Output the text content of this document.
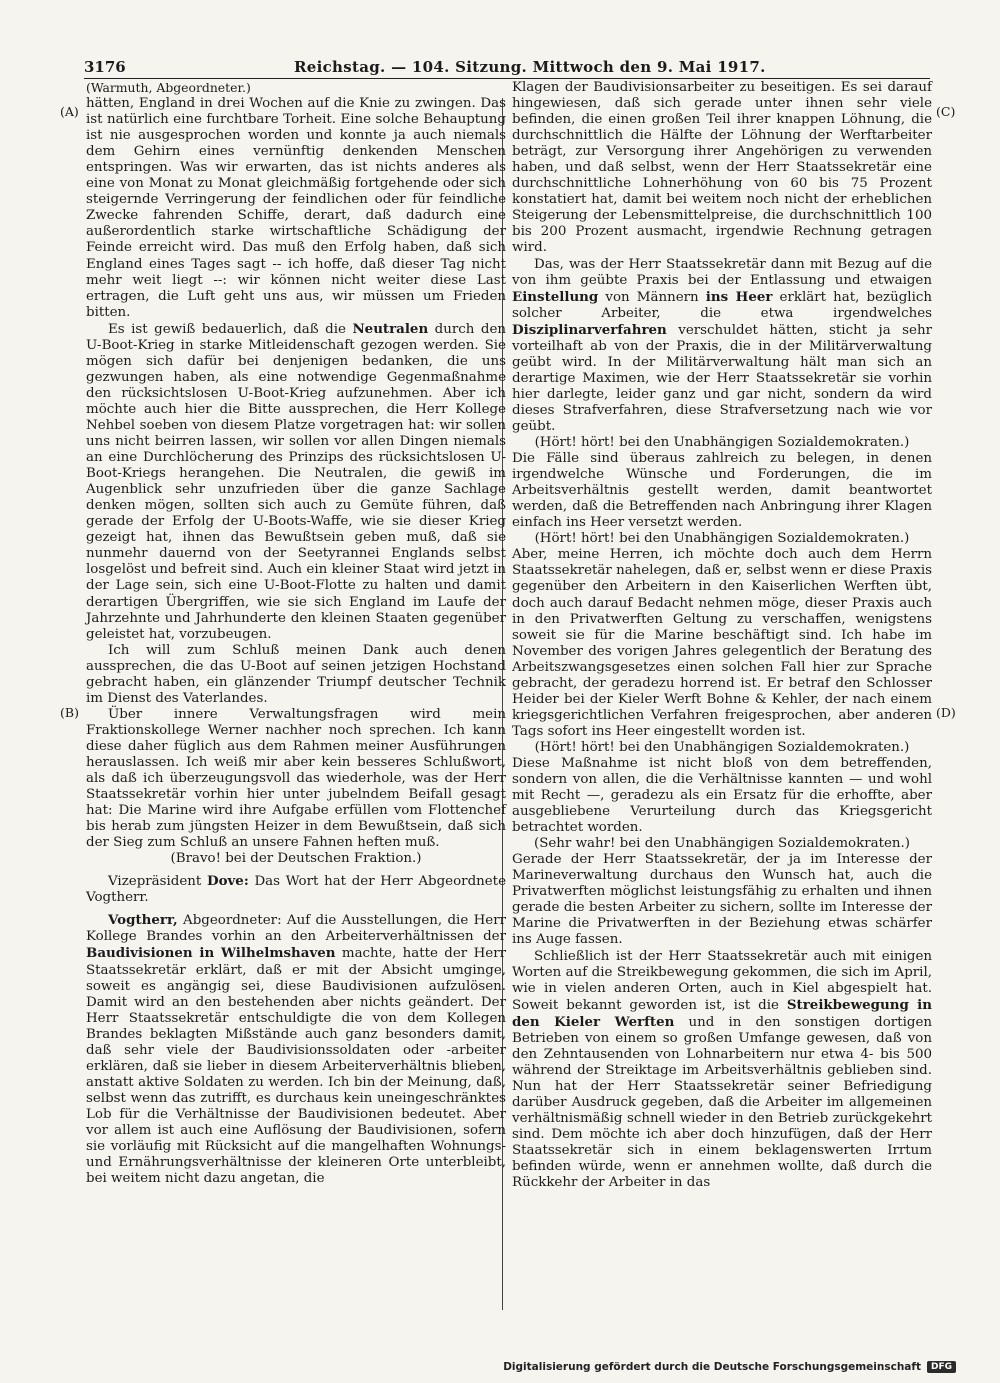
3176	Reichstag. — 104. Sitzung. Mittwoch den 9. Mai 1917.
(A)
(B)
(C)
(D)

(Warmuth, Abgeordneter.)

hätten, England in drei Wochen auf die Knie zu zwingen. Das ist natürlich eine furchtbare Torheit. Eine solche Behauptung ist nie ausgesprochen worden und konnte ja auch niemals dem Gehirn eines vernünftig denkenden Menschen entspringen. Was wir erwarten, das ist nichts anderes als eine von Monat zu Monat gleichmäßig fortgehende oder sich steigernde Verringerung der feindlichen oder für feindliche Zwecke fahrenden Schiffe, derart, daß dadurch eine außerordentlich starke wirtschaftliche Schädigung der Feinde erreicht wird. Das muß den Erfolg haben, daß sich England eines Tages sagt -- ich hoffe, daß dieser Tag nicht mehr weit liegt --: wir können nicht weiter diese Last ertragen, die Luft geht uns aus, wir müssen um Frieden bitten.

Es ist gewiß bedauerlich, daß die Neutralen durch den U-Boot-Krieg in starke Mitleidenschaft gezogen werden. Sie mögen sich dafür bei denjenigen bedanken, die uns gezwungen haben, als eine notwendige Gegenmaßnahme den rücksichtslosen U-Boot-Krieg aufzunehmen. Aber ich möchte auch hier die Bitte aussprechen, die Herr Kollege Nehbel soeben von diesem Platze vorgetragen hat: wir sollen uns nicht beirren lassen, wir sollen vor allen Dingen niemals an eine Durchlöcherung des Prinzips des rücksichtslosen U-Boot-Kriegs herangehen. Die Neutralen, die gewiß im Augenblick sehr unzufrieden über die ganze Sachlage denken mögen, sollten sich auch zu Gemüte führen, daß gerade der Erfolg der U-Boots-Waffe, wie sie dieser Krieg gezeigt hat, ihnen das Bewußtsein geben muß, daß sie nunmehr dauernd von der Seetyrannei Englands selbst losgelöst und befreit sind. Auch ein kleiner Staat wird jetzt in der Lage sein, sich eine U-Boot-Flotte zu halten und damit derartigen Übergriffen, wie sie sich England im Laufe der Jahrzehnte und Jahrhunderte den kleinen Staaten gegenüber geleistet hat, vorzubeugen.

Ich will zum Schluß meinen Dank auch denen aussprechen, die das U-Boot auf seinen jetzigen Hochstand gebracht haben, ein glänzender Triumpf deutscher Technik im Dienst des Vaterlandes.

Über innere Verwaltungsfragen wird mein Fraktionskollege Werner nachher noch sprechen. Ich kann diese daher füglich aus dem Rahmen meiner Ausführungen herauslassen. Ich weiß mir aber kein besseres Schlußwort, als daß ich überzeugungsvoll das wiederhole, was der Herr Staatssekretär vorhin hier unter jubelndem Beifall gesagt hat: Die Marine wird ihre Aufgabe erfüllen vom Flottenchef bis herab zum jüngsten Heizer in dem Bewußtsein, daß sich der Sieg zum Schluß an unsere Fahnen heften muß.

(Bravo! bei der Deutschen Fraktion.)

Vizepräsident Dove: Das Wort hat der Herr Abgeordnete Vogtherr.

Vogtherr, Abgeordneter: Auf die Ausstellungen, die Herr Kollege Brandes vorhin an den Arbeiterverhältnissen der Baudivisionen in Wilhelmshaven machte, hatte der Herr Staatssekretär erklärt, daß er mit der Absicht umginge, soweit es angängig sei, diese Baudivisionen aufzulösen. Damit wird an den bestehenden aber nichts geändert. Der Herr Staatssekretär entschuldigte die von dem Kollegen Brandes beklagten Mißstände auch ganz besonders damit, daß sehr viele der Baudivisionssoldaten oder -arbeiter erklären, daß sie lieber in diesem Arbeiterverhältnis blieben, anstatt aktive Soldaten zu werden. Ich bin der Meinung, daß, selbst wenn das zutrifft, es durchaus kein uneingeschränktes Lob für die Verhältnisse der Baudivisionen bedeutet. Aber vor allem ist auch eine Auflösung der Baudivisionen, sofern sie vorläufig mit Rücksicht auf die mangelhaften Wohnungs- und Ernährungsverhältnisse der kleineren Orte unterbleibt, bei weitem nicht dazu angetan, die

Klagen der Baudivisionsarbeiter zu beseitigen. Es sei darauf hingewiesen, daß sich gerade unter ihnen sehr viele befinden, die einen großen Teil ihrer knappen Löhnung, die durchschnittlich die Hälfte der Löhnung der Werftarbeiter beträgt, zur Versorgung ihrer Angehörigen zu verwenden haben, und daß selbst, wenn der Herr Staatssekretär eine durchschnittliche Lohnerhöhung von 60 bis 75 Prozent konstatiert hat, damit bei weitem noch nicht der erheblichen Steigerung der Lebensmittelpreise, die durchschnittlich 100 bis 200 Prozent ausmacht, irgendwie Rechnung getragen wird.

Das, was der Herr Staatssekretär dann mit Bezug auf die von ihm geübte Praxis bei der Entlassung und etwaigen Einstellung von Männern ins Heer erklärt hat, bezüglich solcher Arbeiter, die etwa irgendwelches Disziplinarverfahren verschuldet hätten, sticht ja sehr vorteilhaft ab von der Praxis, die in der Militärverwaltung geübt wird. In der Militärverwaltung hält man sich an derartige Maximen, wie der Herr Staatssekretär sie vorhin hier darlegte, leider ganz und gar nicht, sondern da wird dieses Strafverfahren, diese Strafversetzung nach wie vor geübt.

(Hört! hört! bei den Unabhängigen Sozialdemokraten.)

Die Fälle sind überaus zahlreich zu belegen, in denen irgendwelche Wünsche und Forderungen, die im Arbeitsverhältnis gestellt werden, damit beantwortet werden, daß die Betreffenden nach Anbringung ihrer Klagen einfach ins Heer versetzt werden.

(Hört! hört! bei den Unabhängigen Sozialdemokraten.)

Aber, meine Herren, ich möchte doch auch dem Herrn Staatssekretär nahelegen, daß er, selbst wenn er diese Praxis gegenüber den Arbeitern in den Kaiserlichen Werften übt, doch auch darauf Bedacht nehmen möge, dieser Praxis auch in den Privatwerften Geltung zu verschaffen, wenigstens soweit sie für die Marine beschäftigt sind. Ich habe im November des vorigen Jahres gelegentlich der Beratung des Arbeitszwangsgesetzes einen solchen Fall hier zur Sprache gebracht, der geradezu horrend ist. Er betraf den Schlosser Heider bei der Kieler Werft Bohne & Kehler, der nach einem kriegsgerichtlichen Verfahren freigesprochen, aber anderen Tags sofort ins Heer eingestellt worden ist.

(Hört! hört! bei den Unabhängigen Sozialdemokraten.)

Diese Maßnahme ist nicht bloß von dem betreffenden, sondern von allen, die die Verhältnisse kannten — und wohl mit Recht —, geradezu als ein Ersatz für die erhoffte, aber ausgebliebene Verurteilung durch das Kriegsgericht betrachtet worden.

(Sehr wahr! bei den Unabhängigen Sozialdemokraten.)

Gerade der Herr Staatssekretär, der ja im Interesse der Marineverwaltung durchaus den Wunsch hat, auch die Privatwerften möglichst leistungsfähig zu erhalten und ihnen gerade die besten Arbeiter zu sichern, sollte im Interesse der Marine die Privatwerften in der Beziehung etwas schärfer ins Auge fassen.

Schließlich ist der Herr Staatssekretär auch mit einigen Worten auf die Streikbewegung gekommen, die sich im April, wie in vielen anderen Orten, auch in Kiel abgespielt hat. Soweit bekannt geworden ist, ist die Streikbewegung in den Kieler Werften und in den sonstigen dortigen Betrieben von einem so großen Umfange gewesen, daß von den Zehntausenden von Lohnarbeitern nur etwa 4- bis 500 während der Streiktage im Arbeitsverhältnis geblieben sind. Nun hat der Herr Staatssekretär seiner Befriedigung darüber Ausdruck gegeben, daß die Arbeiter im allgemeinen verhältnismäßig schnell wieder in den Betrieb zurückgekehrt sind. Dem möchte ich aber doch hinzufügen, daß der Herr Staatssekretär sich in einem beklagenswerten Irrtum befinden würde, wenn er annehmen wollte, daß durch die Rückkehr der Arbeiter in das

Digitalisierung gefördert durch die Deutsche Forschungsgemeinschaft	DFG
